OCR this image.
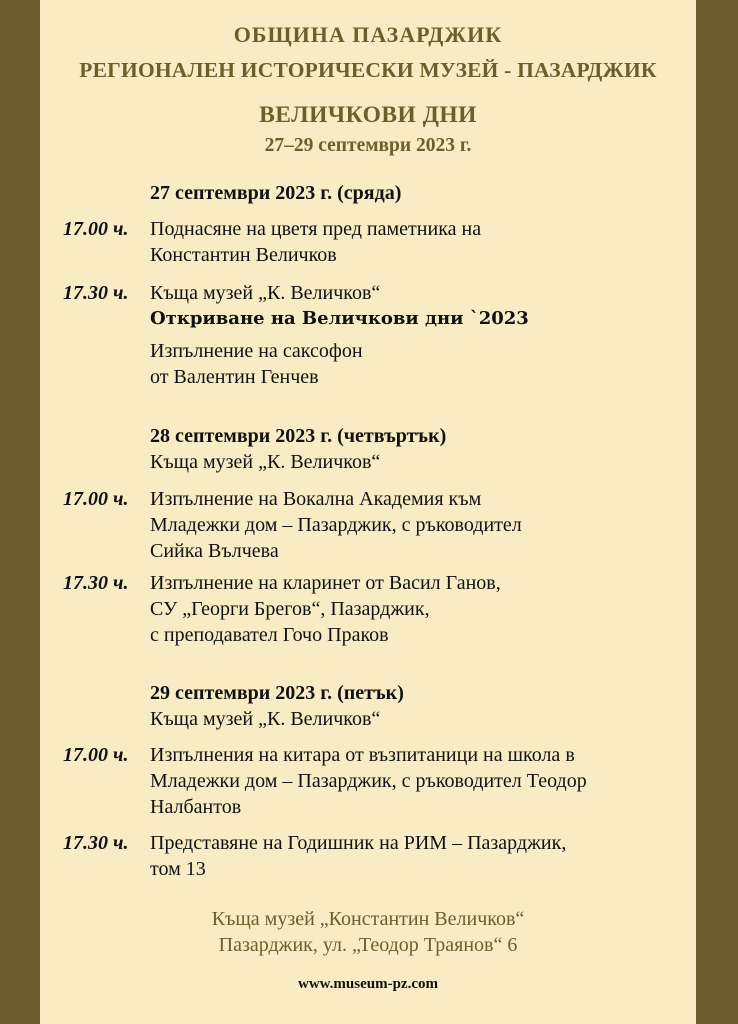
ОБЩИНА ПАЗАРДЖИК
РЕГИОНАЛЕН ИСТОРИЧЕСКИ МУЗЕЙ - ПАЗАРДЖИК
ВЕЛИЧКОВИ ДНИ
27–29 септември 2023 г.
27 септември 2023 г. (сряда)
17.00 ч. Поднасяне на цветя пред паметника на
Константин Величков
17.30 ч. Къща музей „К. Величков“
Откриване на Величкови дни `2023
Изпълнение на саксофон
от Валентин Генчев
28 септември 2023 г. (четвъртък)
Къща музей „К. Величков“
17.00 ч. Изпълнение на Вокална Академия към
Младежки дом – Пазарджик, с ръководител
Сийка Вълчева
17.30 ч. Изпълнение на кларинет от Васил Ганов,
СУ „Георги Брегов“, Пазарджик,
с преподавател Гочо Праков
29 септември 2023 г. (петък)
Къща музей „К. Величков“
17.00 ч. Изпълнения на китара от възпитаници на школа в
Младежки дом – Пазарджик, с ръководител Теодор
Налбантов
17.30 ч. Представяне на Годишник на РИМ – Пазарджик,
том 13
Къща музей „Константин Величков“
Пазарджик, ул. „Теодор Траянов“ 6
www.museum-pz.com
